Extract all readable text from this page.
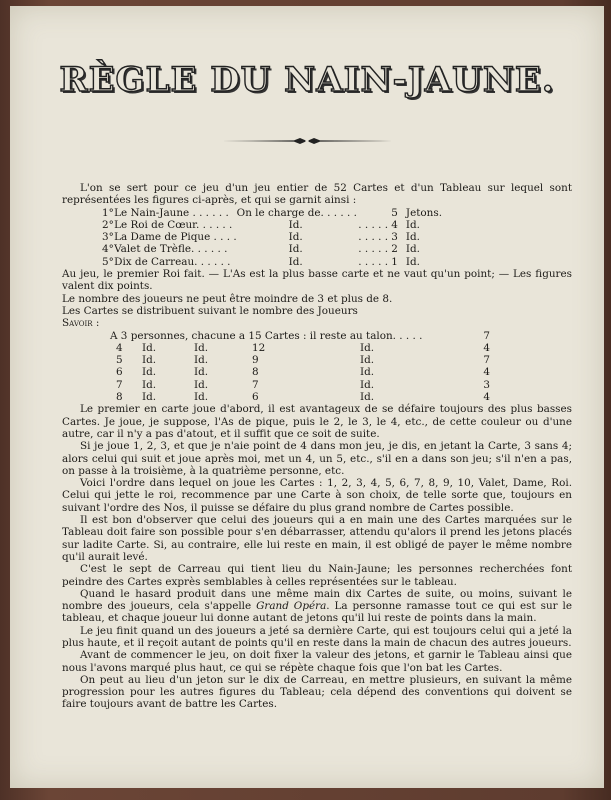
RÈGLE DU NAIN-JAUNE.

L'on se sert pour ce jeu d'un jeu entier de 52 Cartes et d'un Tableau sur lequel sont représentées les figures ci-après, et qui se garnit ainsi :

1°	Le Nain-Jaune . . . . . .	On le charge de. . . . . .	5	Jetons.
2°	Le Roi de Cœur. . . . . .	Id.	. . . . . 4	Id.
3°	La Dame de Pique . . . .	Id.	. . . . . 3	Id.
4°	Valet de Trèfle. . . . . .	Id.	. . . . . 2	Id.
5°	Dix de Carreau. . . . . .	Id.	. . . . . 1	Id.

Au jeu, le premier Roi fait. — L'As est la plus basse carte et ne vaut qu'un point; — Les figures valent dix points.

Le nombre des joueurs ne peut être moindre de 3 et plus de 8.

Les Cartes se distribuent suivant le nombre des Joueurs

Savoir :

A 3 personnes, chacune a 15 Cartes : il reste au talon. . . . .					7
4	Id.	Id.	12	Id.	4
5	Id.	Id.	9	Id.	7
6	Id.	Id.	8	Id.	4
7	Id.	Id.	7	Id.	3
8	Id.	Id.	6	Id.	4

Le premier en carte joue d'abord, il est avantageux de se défaire toujours des plus basses Cartes. Je joue, je suppose, l'As de pique, puis le 2, le 3, le 4, etc., de cette couleur ou d'une autre, car il n'y a pas d'atout, et il suffit que ce soit de suite.

Si je joue 1, 2, 3, et que je n'aie point de 4 dans mon jeu, je dis, en jetant la Carte, 3 sans 4; alors celui qui suit et joue après moi, met un 4, un 5, etc., s'il en a dans son jeu; s'il n'en a pas, on passe à la troisième, à la quatrième personne, etc.

Voici l'ordre dans lequel on joue les Cartes : 1, 2, 3, 4, 5, 6, 7, 8, 9, 10, Valet, Dame, Roi. Celui qui jette le roi, recommence par une Carte à son choix, de telle sorte que, toujours en suivant l'ordre des Nos, il puisse se défaire du plus grand nombre de Cartes possible.

Il est bon d'observer que celui des joueurs qui a en main une des Cartes marquées sur le Tableau doit faire son possible pour s'en débarrasser, attendu qu'alors il prend les jetons placés sur ladite Carte. Si, au contraire, elle lui reste en main, il est obligé de payer le même nombre qu'il aurait levé.

C'est le sept de Carreau qui tient lieu du Nain-Jaune; les personnes recherchées font peindre des Cartes exprès semblables à celles représentées sur le tableau.

Quand le hasard produit dans une même main dix Cartes de suite, ou moins, suivant le nombre des joueurs, cela s'appelle Grand Opéra. La personne ramasse tout ce qui est sur le tableau, et chaque joueur lui donne autant de jetons qu'il lui reste de points dans la main.

Le jeu finit quand un des joueurs a jeté sa dernière Carte, qui est toujours celui qui a jeté la plus haute, et il reçoit autant de points qu'il en reste dans la main de chacun des autres joueurs.

Avant de commencer le jeu, on doit fixer la valeur des jetons, et garnir le Tableau ainsi que nous l'avons marqué plus haut, ce qui se répète chaque fois que l'on bat les Cartes.

On peut au lieu d'un jeton sur le dix de Carreau, en mettre plusieurs, en suivant la même progression pour les autres figures du Tableau; cela dépend des conventions qui doivent se faire toujours avant de battre les Cartes.
